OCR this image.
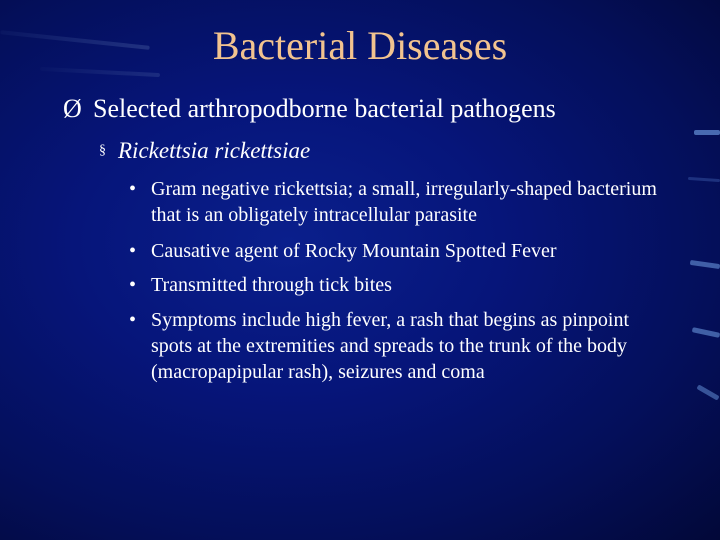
Bacterial Diseases
Ø Selected arthropodborne bacterial pathogens
§ Rickettsia rickettsiae
• Gram negative rickettsia; a small, irregularly-shaped bacterium that is an obligately intracellular parasite
• Causative agent of Rocky Mountain Spotted Fever
• Transmitted through tick bites
• Symptoms include high fever, a rash that begins as pinpoint spots at the extremities and spreads to the trunk of the body (macropapipular rash), seizures and coma
